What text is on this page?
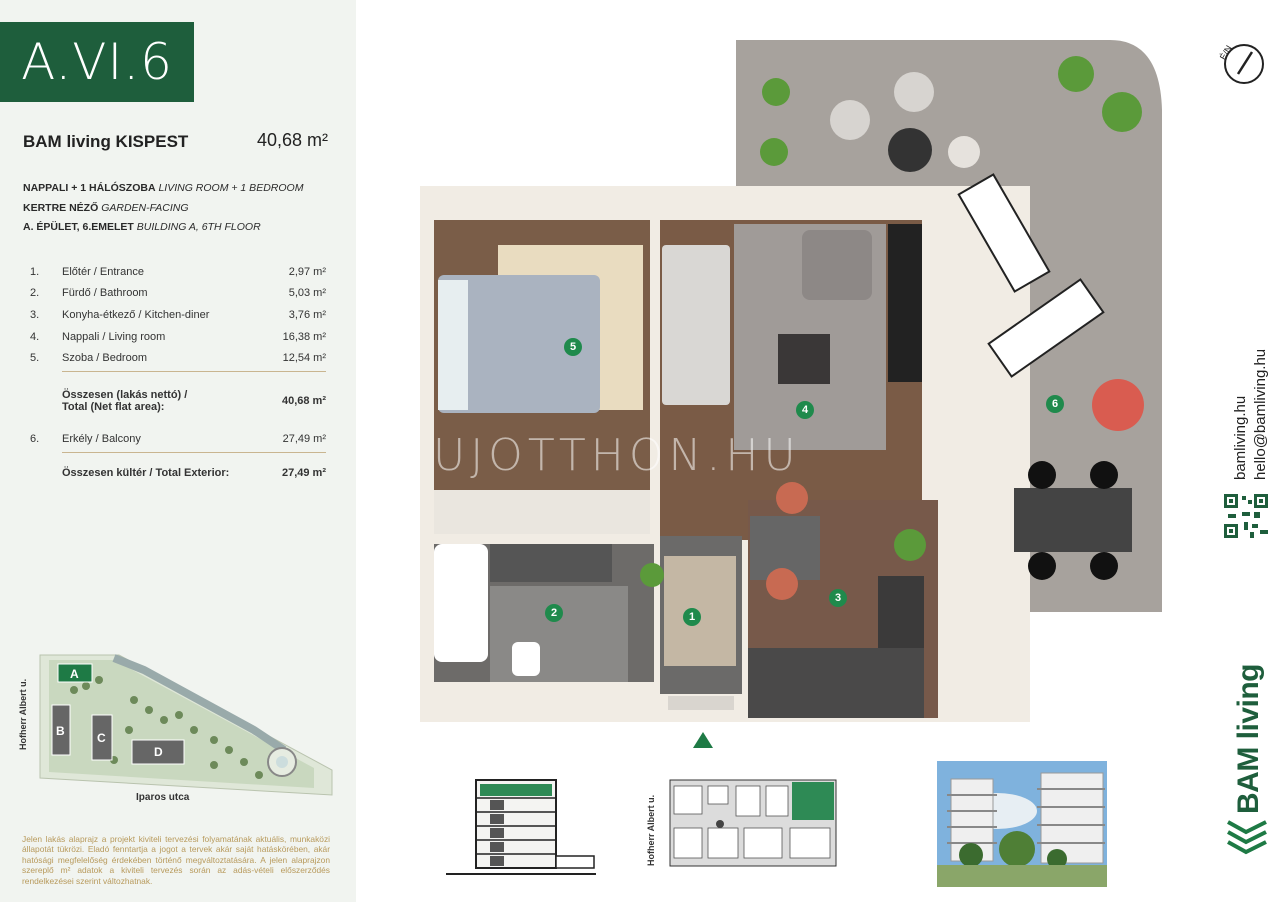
A.VI.6
BAM living KISPEST	40,68 m²
NAPPALI + 1 HÁLÓSZOBA LIVING ROOM + 1 BEDROOM
KERTRE NÉZŐ GARDEN-FACING
A. ÉPÜLET, 6.EMELET BUILDING A, 6TH FLOOR
1.	Előtér / Entrance	2,97 m²
2.	Fürdő / Bathroom	5,03 m²
3.	Konyha-étkező / Kitchen-diner	3,76 m²
4.	Nappali / Living room	16,38 m²
5.	Szoba / Bedroom	12,54 m²
Összesen (lakás nettó) /
Total (Net flat area):	40,68 m²
6.	Erkély / Balcony	27,49 m²
Összesen kültér / Total Exterior:	27,49 m²
A
B	C
D
Hofherr Albert u.
Iparos utca
Jelen lakás alaprajz a projekt kiviteli tervezési folyamatának aktuális, munkaközi állapotát tükrözi. Eladó fenntartja a jogot a tervek akár saját hatáskörében, akár hatósági megfelelőség érdekében történő megváltoztatására. A jelen alaprajzon szereplő m² adatok a kiviteli tervezés során az adás-vételi előszerződés rendelkezései szerint változhatnak.
UJOTTHON.HU
1
2
3
4
5
6
Hofherr Albert u.
É/N
bamliving.hu hello@bamliving.hu
BAM living
